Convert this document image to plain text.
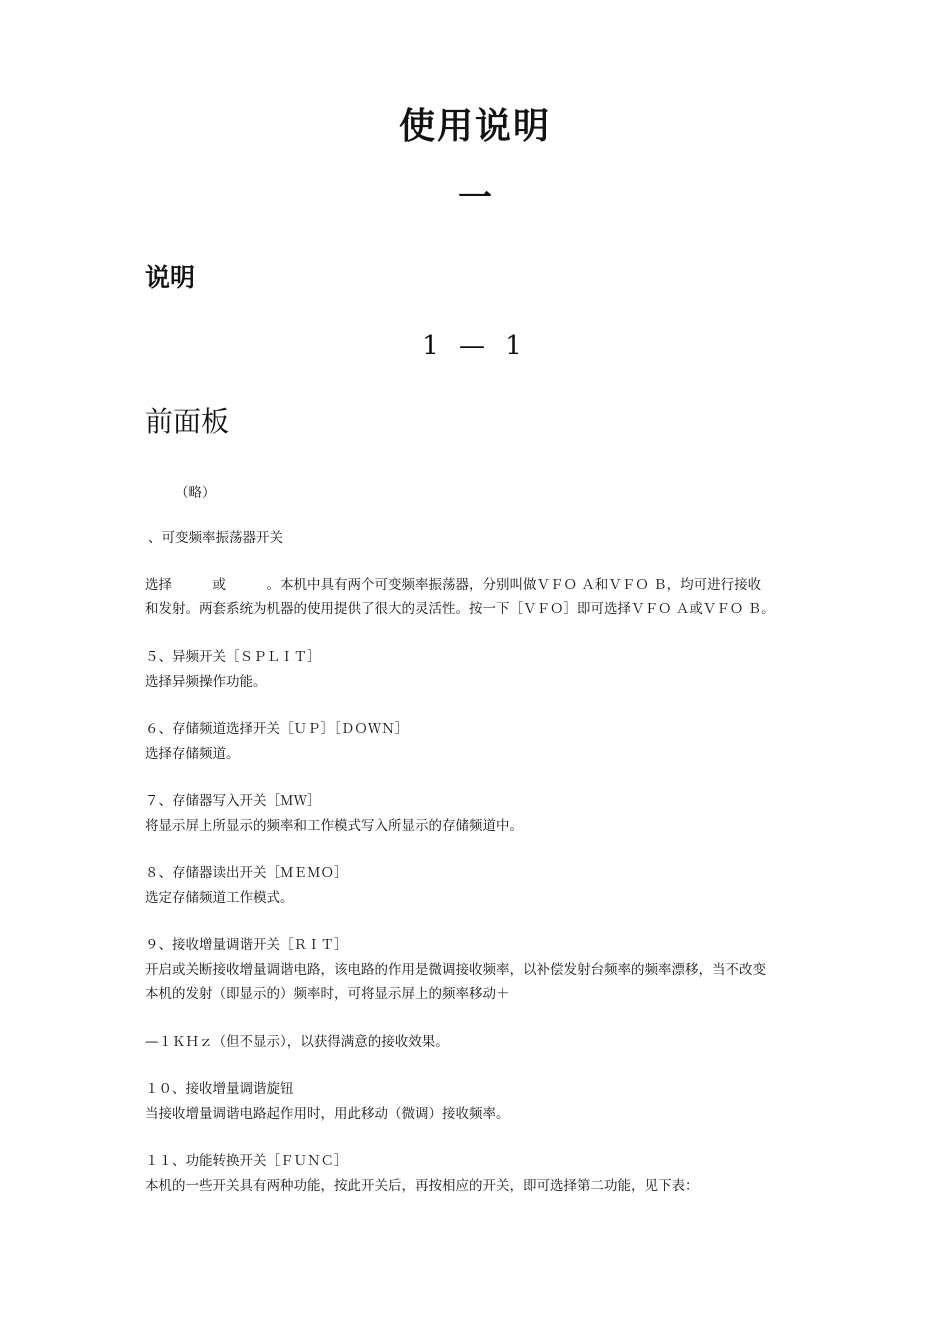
使用说明
一
说明
1 — 1
前面板
（略）
、可变频率振荡器开关
选择　　　或　　　。本机中具有两个可变频率振荡器，分别叫做ＶＦＯ Ａ和ＶＦＯ Ｂ，均可进行接收
和发射。两套系统为机器的使用提供了很大的灵活性。按一下［ＶＦＯ］即可选择ＶＦＯ Ａ或ＶＦＯ Ｂ。
５、异频开关［ＳＰＬＩＴ］
选择异频操作功能。
６、存储频道选择开关［ＵＰ］［ＤＯＷＮ］
选择存储频道。
７、存储器写入开关［ＭＷ］
将显示屏上所显示的频率和工作模式写入所显示的存储频道中。
８、存储器读出开关［ＭＥＭＯ］
选定存储频道工作模式。
９、接收增量调谐开关［ＲＩＴ］
开启或关断接收增量调谐电路，该电路的作用是微调接收频率，以补偿发射台频率的频率漂移，当不改变
本机的发射（即显示的）频率时，可将显示屏上的频率移动＋
—１ＫＨｚ（但不显示），以获得满意的接收效果。
１０、接收增量调谐旋钮
当接收增量调谐电路起作用时，用此移动（微调）接收频率。
１１、功能转换开关［ＦＵＮＣ］
本机的一些开关具有两种功能，按此开关后，再按相应的开关，即可选择第二功能，见下表：
